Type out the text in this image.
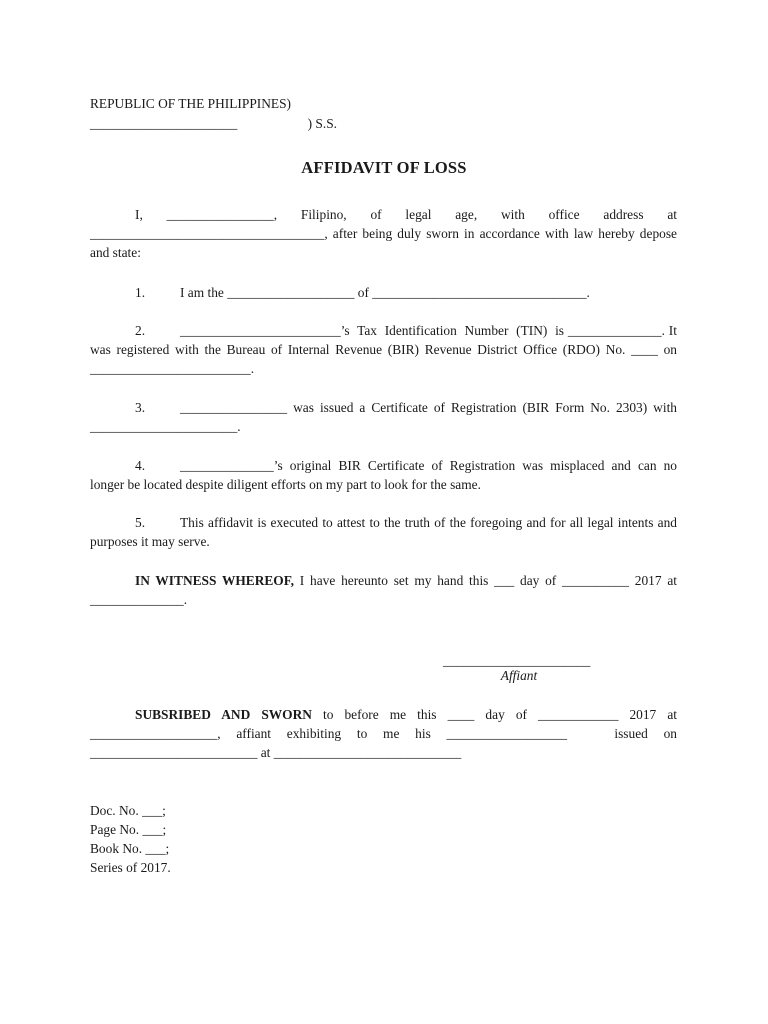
REPUBLIC OF THE PHILIPPINES)
______________________                     ) S.S.
AFFIDAVIT OF LOSS
I,  ________________,  Filipino,  of  legal  age,  with  office  address  at ___________________________________, after being duly sworn in accordance with law hereby depose and state:
1.	I am the ___________________ of ________________________________.
2.	________________________’s  Tax  Identification  Number  (TIN)  is ______________. It was registered with the Bureau of Internal Revenue (BIR) Revenue District Office (RDO) No. ____ on ________________________.
3.	________________ was issued a Certificate of Registration (BIR Form No. 2303) with ______________________.
4.	______________’s original BIR Certificate of Registration was misplaced and can no longer be located despite diligent efforts on my part to look for the same.
5.	This affidavit is executed to attest to the truth of the foregoing and for all legal intents and purposes it may serve.
IN WITNESS WHEREOF, I have hereunto set my hand this ___ day of __________ 2017 at ______________.
______________________
Affiant
SUBSRIBED AND SWORN to before me this ____ day of ____________ 2017 at ___________________, affiant exhibiting to me his __________________   issued on _________________________ at ____________________________
Doc. No. ___;
Page No. ___;
Book No. ___;
Series of 2017.
